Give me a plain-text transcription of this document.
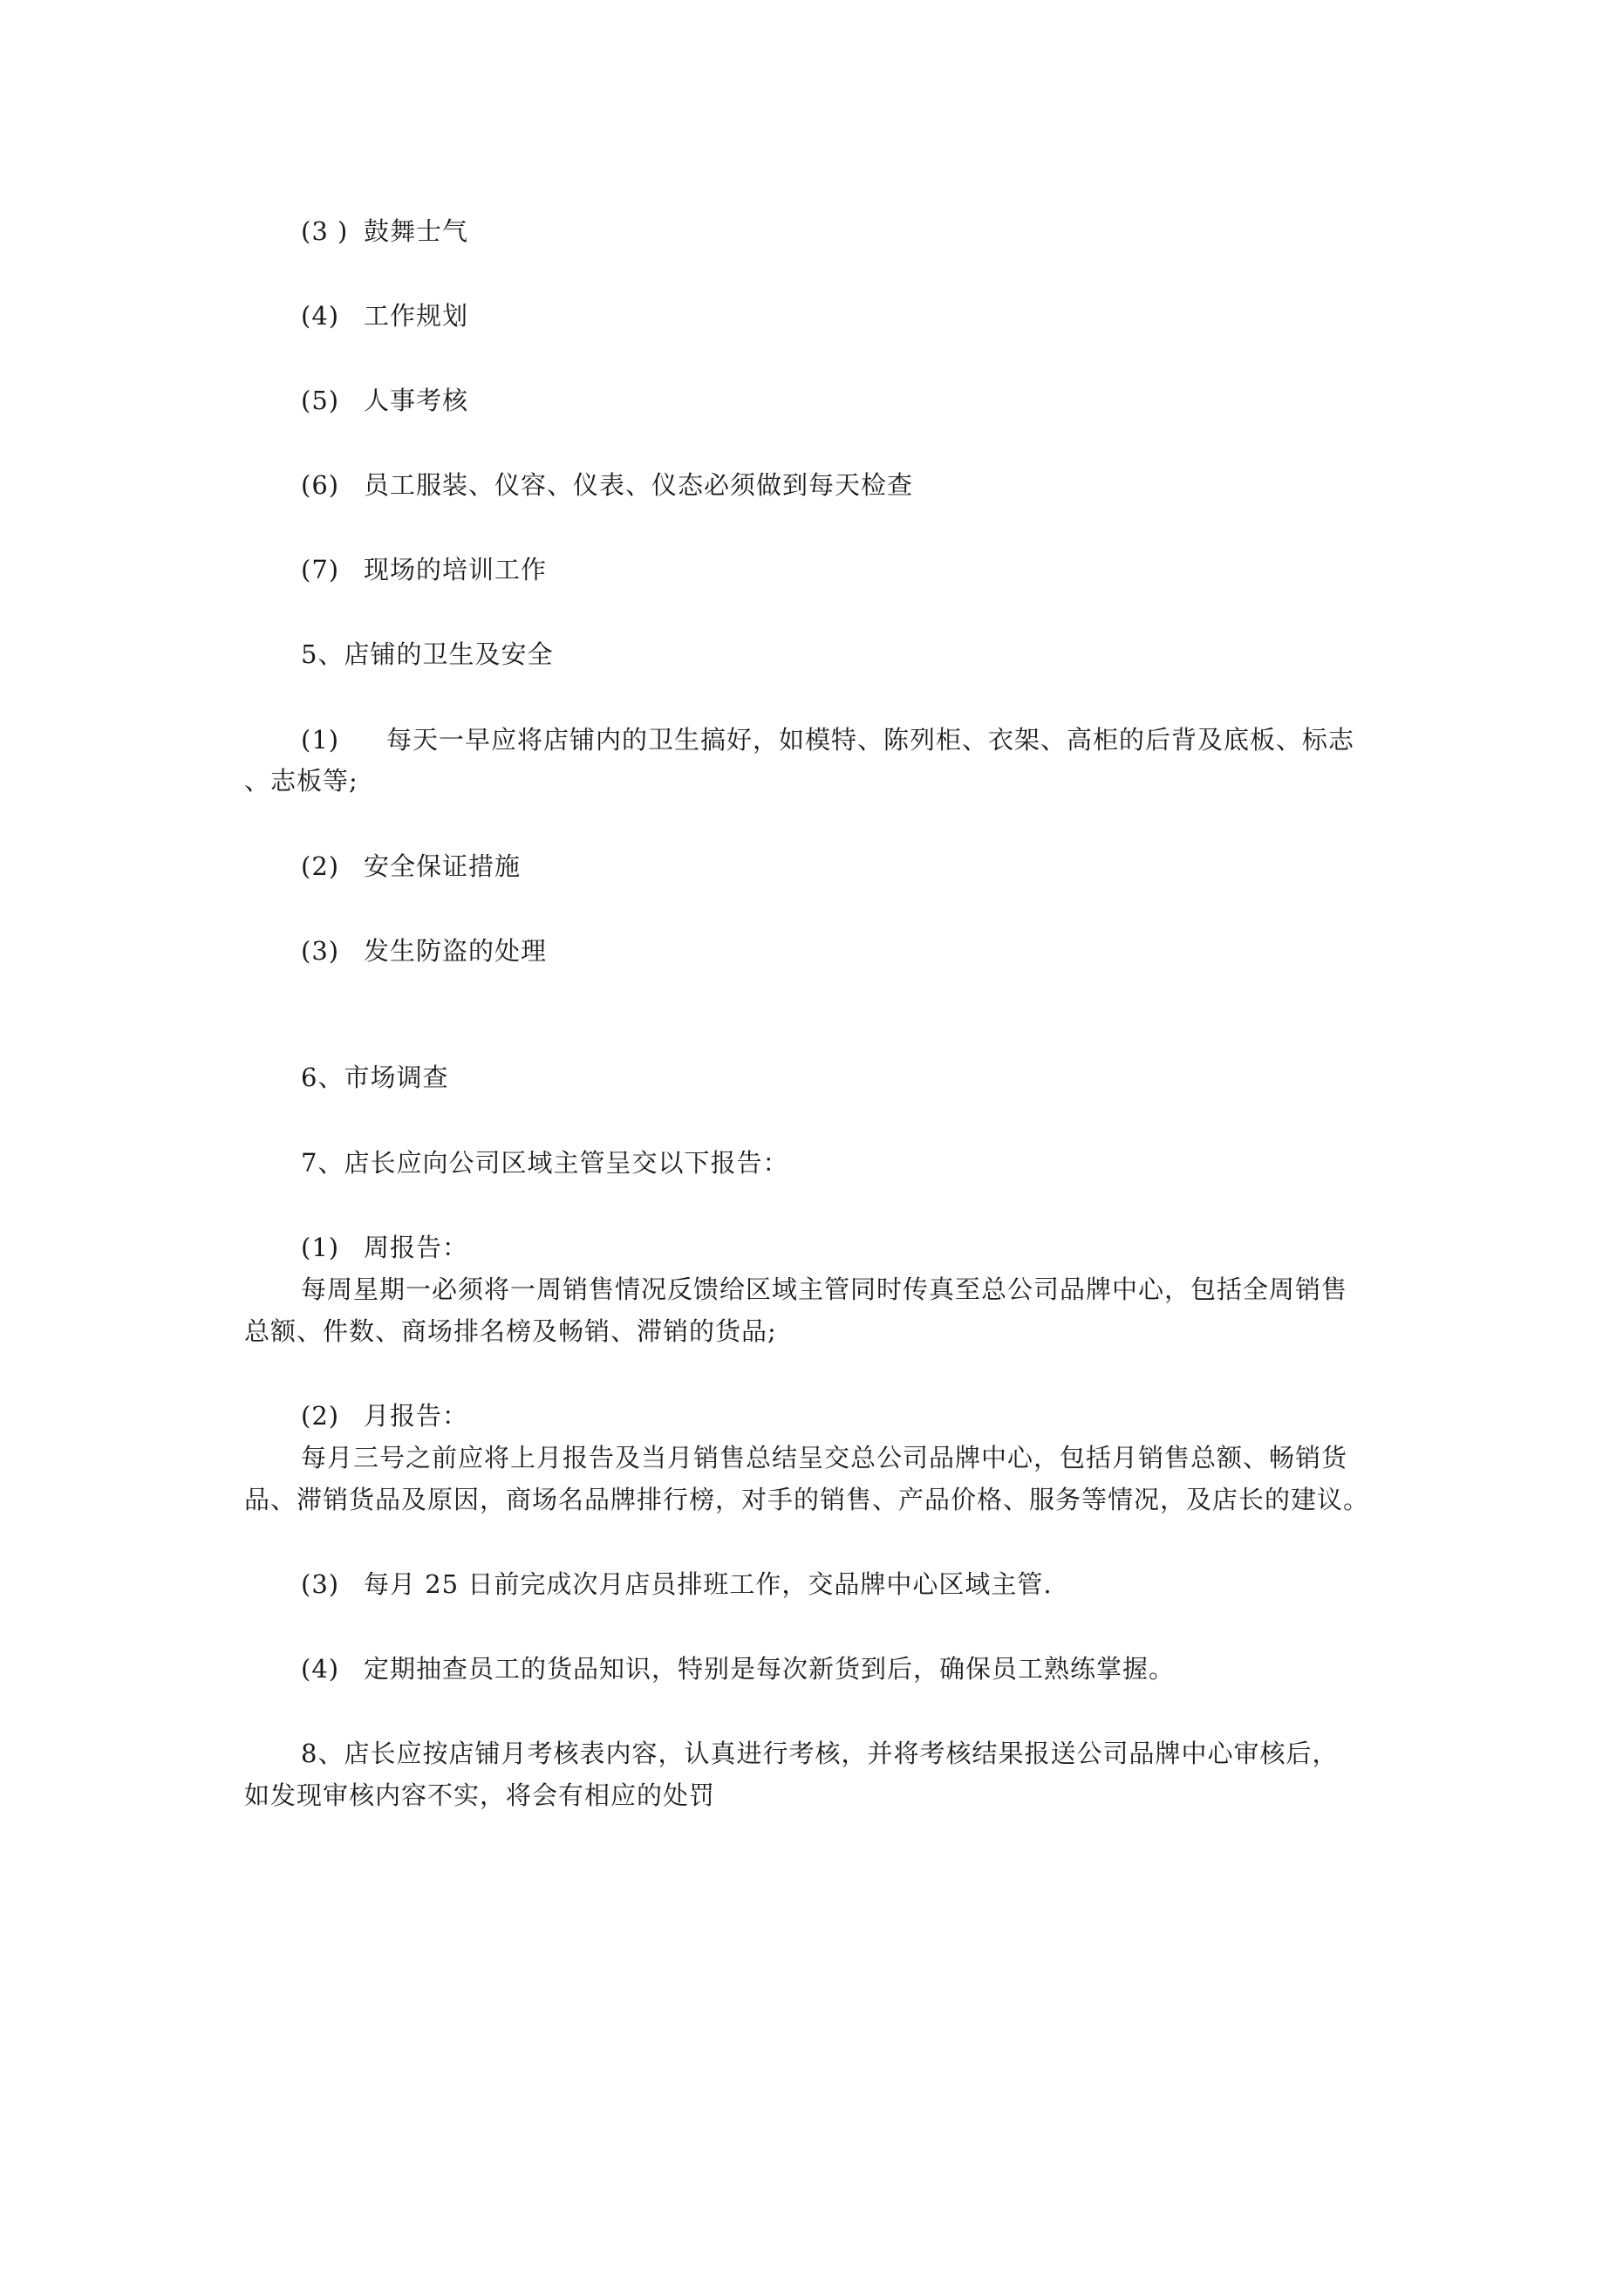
(3 ) 鼓舞士气
(4) 工作规划
(5) 人事考核
(6) 员工服装、仪容、仪表、仪态必须做到每天检查
(7) 现场的培训工作
5、店铺的卫生及安全
(1) 每天一早应将店铺内的卫生搞好，如模特、陈列柜、衣架、高柜的后背及底板、标志
、志板等;
(2) 安全保证措施
(3) 发生防盗的处理
6、市场调查
7、店长应向公司区域主管呈交以下报告：
(1) 周报告：
每周星期一必须将一周销售情况反馈给区域主管同时传真至总公司品牌中心，包括全周销售
总额、件数、商场排名榜及畅销、滞销的货品;
(2) 月报告：
每月三号之前应将上月报告及当月销售总结呈交总公司品牌中心，包括月销售总额、畅销货
品、滞销货品及原因，商场名品牌排行榜，对手的销售、产品价格、服务等情况，及店长的建议。
(3) 每月 25 日前完成次月店员排班工作，交品牌中心区域主管.
(4) 定期抽查员工的货品知识，特别是每次新货到后，确保员工熟练掌握。
8、店长应按店铺月考核表内容，认真进行考核，并将考核结果报送公司品牌中心审核后，
如发现审核内容不实，将会有相应的处罚
